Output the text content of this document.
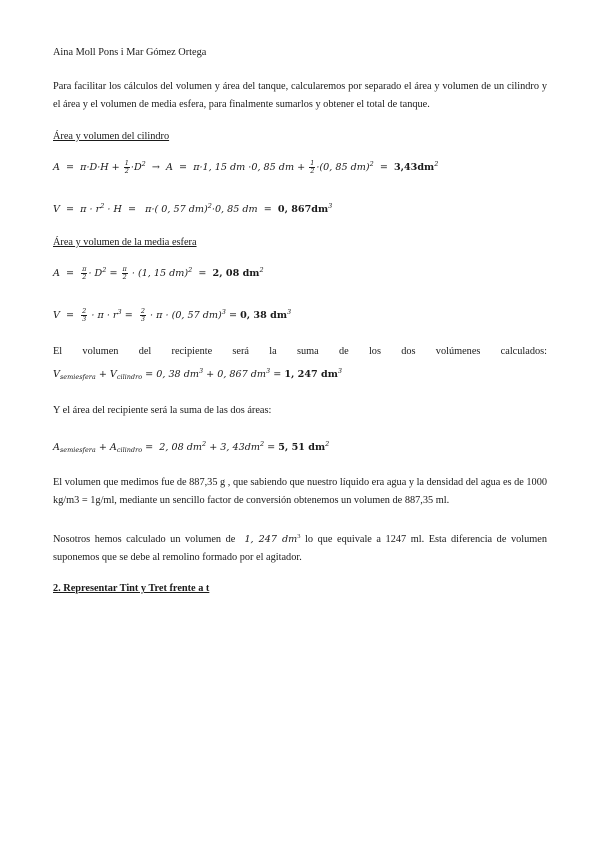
Aina Moll Pons i Mar Gómez Ortega

Para facilitar los cálculos del volumen y área del tanque, calcularemos por separado el área y volumen de un cilindro y el área y el volumen de media esfera, para finalmente sumarlos y obtener el total de tanque.

Área y volumen del cilindro

$A = \pi\cdot D\cdot H + \frac{1}{2} \cdot D^2 \to A = \pi\cdot 1$, 15 dm ·0, 85 dm + $\frac{1}{2} \cdot(0$, 85 $dm)^2 = 3,43dm^2$
$V = \pi \cdot r^2 \cdot H = \pi\cdot$( 0, 57 dm)$^2$·0, 85 dm  =  0, $867dm^3$

Área y volumen de la media esfera

$A = \frac{\pi}{2} \cdot D^2 = \frac{\pi}{2} \cdot (1$, 15 dm)$^2$  =  2, 08 $dm^2$
$V = \frac{2}{3} \cdot \pi \cdot r^3 = \frac{2}{3} \cdot \pi \cdot (0$, 57 dm)$^3$ = 0, 38 $dm^3$

El volumen del recipiente será la suma de los dos volúmenes calculados:

$V_{semiesfera} + V_{cilindro} = 0$, 38 $dm^3 + 0$, 867 $dm^3 = 1$, 247 $dm^3$

Y el área del recipiente será la suma de las dos áreas:

$A_{semiesfera} + A_{cilindro} = 2$, 08 $dm^2 + 3$, $43dm^2 = 5$, 51 $dm^2$

El volumen que medimos fue de 887,35 g , que sabiendo que nuestro líquido era agua y la densidad del agua es de 1000 kg/m3 = 1g/ml, mediante un sencillo factor de conversión obtenemos un volumen de 887,35 ml.

Nosotros hemos calculado un volumen de 1, 247 $dm^3$ lo que equivale a 1247 ml. Esta diferencia de volumen suponemos que se debe al remolino formado por el agitador.

2. Representar Tint y Tret frente a t
